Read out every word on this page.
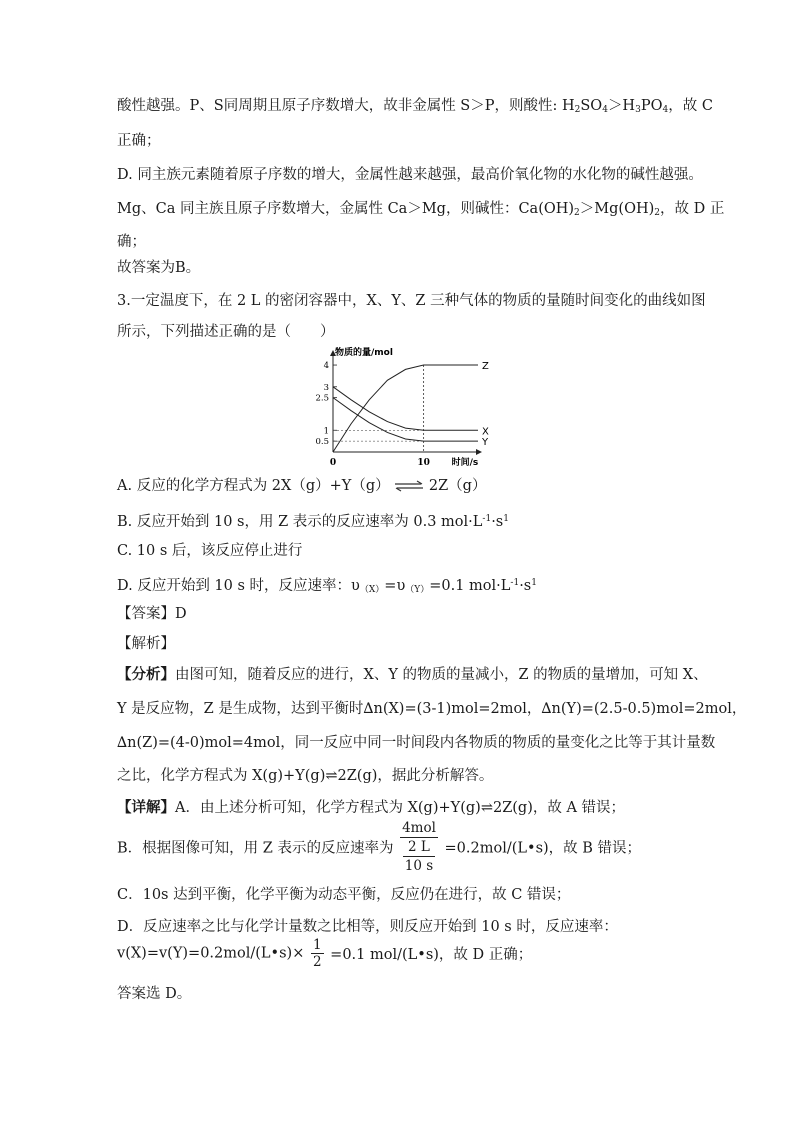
酸性越强。P、S同周期且原子序数增大，故非金属性 S＞P，则酸性: $H_2SO_4>H_3PO_4$，故 C
正确；
D. 同主族元素随着原子序数的增大，金属性越来越强，最高价氧化物的水化物的碱性越强。
Mg、Ca 同主族且原子序数增大，金属性 Ca＞Mg，则碱性：$Ca(OH)_2>Mg(OH)_2$，故 D 正
确；
故答案为B。
3.一定温度下，在 2 L 的密闭容器中，X、Y、Z 三种气体的物质的量随时间变化的曲线如图
所示，下列描述正确的是（　　）
物质的量/mol
时间/s
0.5
1
2.5
3
4
0	10
Z
X
Y
A. 反应的化学方程式为 2X（g）+Y（g） ⇌ 2Z（g）
B. 反应开始到 10 s，用 Z 表示的反应速率为 0.3 $mol\cdot L^{-1}\cdot s^1$
C. 10 s 后，该反应停止进行
D. 反应开始到 10 s 时，反应速率：$\upsilon_{(X)}=\upsilon_{(Y)}=0.1$ $mol\cdot L^{-1}\cdot s^1$
【答案】D
【解析】
【分析】由图可知，随着反应的进行，X、Y 的物质的量减小，Z 的物质的量增加，可知 X、
Y 是反应物，Z 是生成物，达到平衡时∆n(X)=(3-1)mol=2mol，∆n(Y)=(2.5-0.5)mol=2mol，
∆n(Z)=(4-0)mol=4mol，同一反应中同一时间段内各物质的物质的量变化之比等于其计量数
之比，化学方程式为 X(g)+Y(g)⇌2Z(g)，据此分析解答。
【详解】A．由上述分析可知，化学方程式为 X(g)+Y(g)⇌2Z(g)，故 A 错误；
B．根据图像可知，用 Z 表示的反应速率为 4mol
2 L
10 s =0.2mol/(L•s)，故 B 错误；
C．10s 达到平衡，化学平衡为动态平衡，反应仍在进行，故 C 错误；
D．反应速率之比与化学计量数之比相等，则反应开始到 10 s 时，反应速率：
v(X)=v(Y)=0.2mol/(L•s)× $\frac{1}{2} =0.1$ mol/(L•s)，故 D 正确；
答案选 D。
